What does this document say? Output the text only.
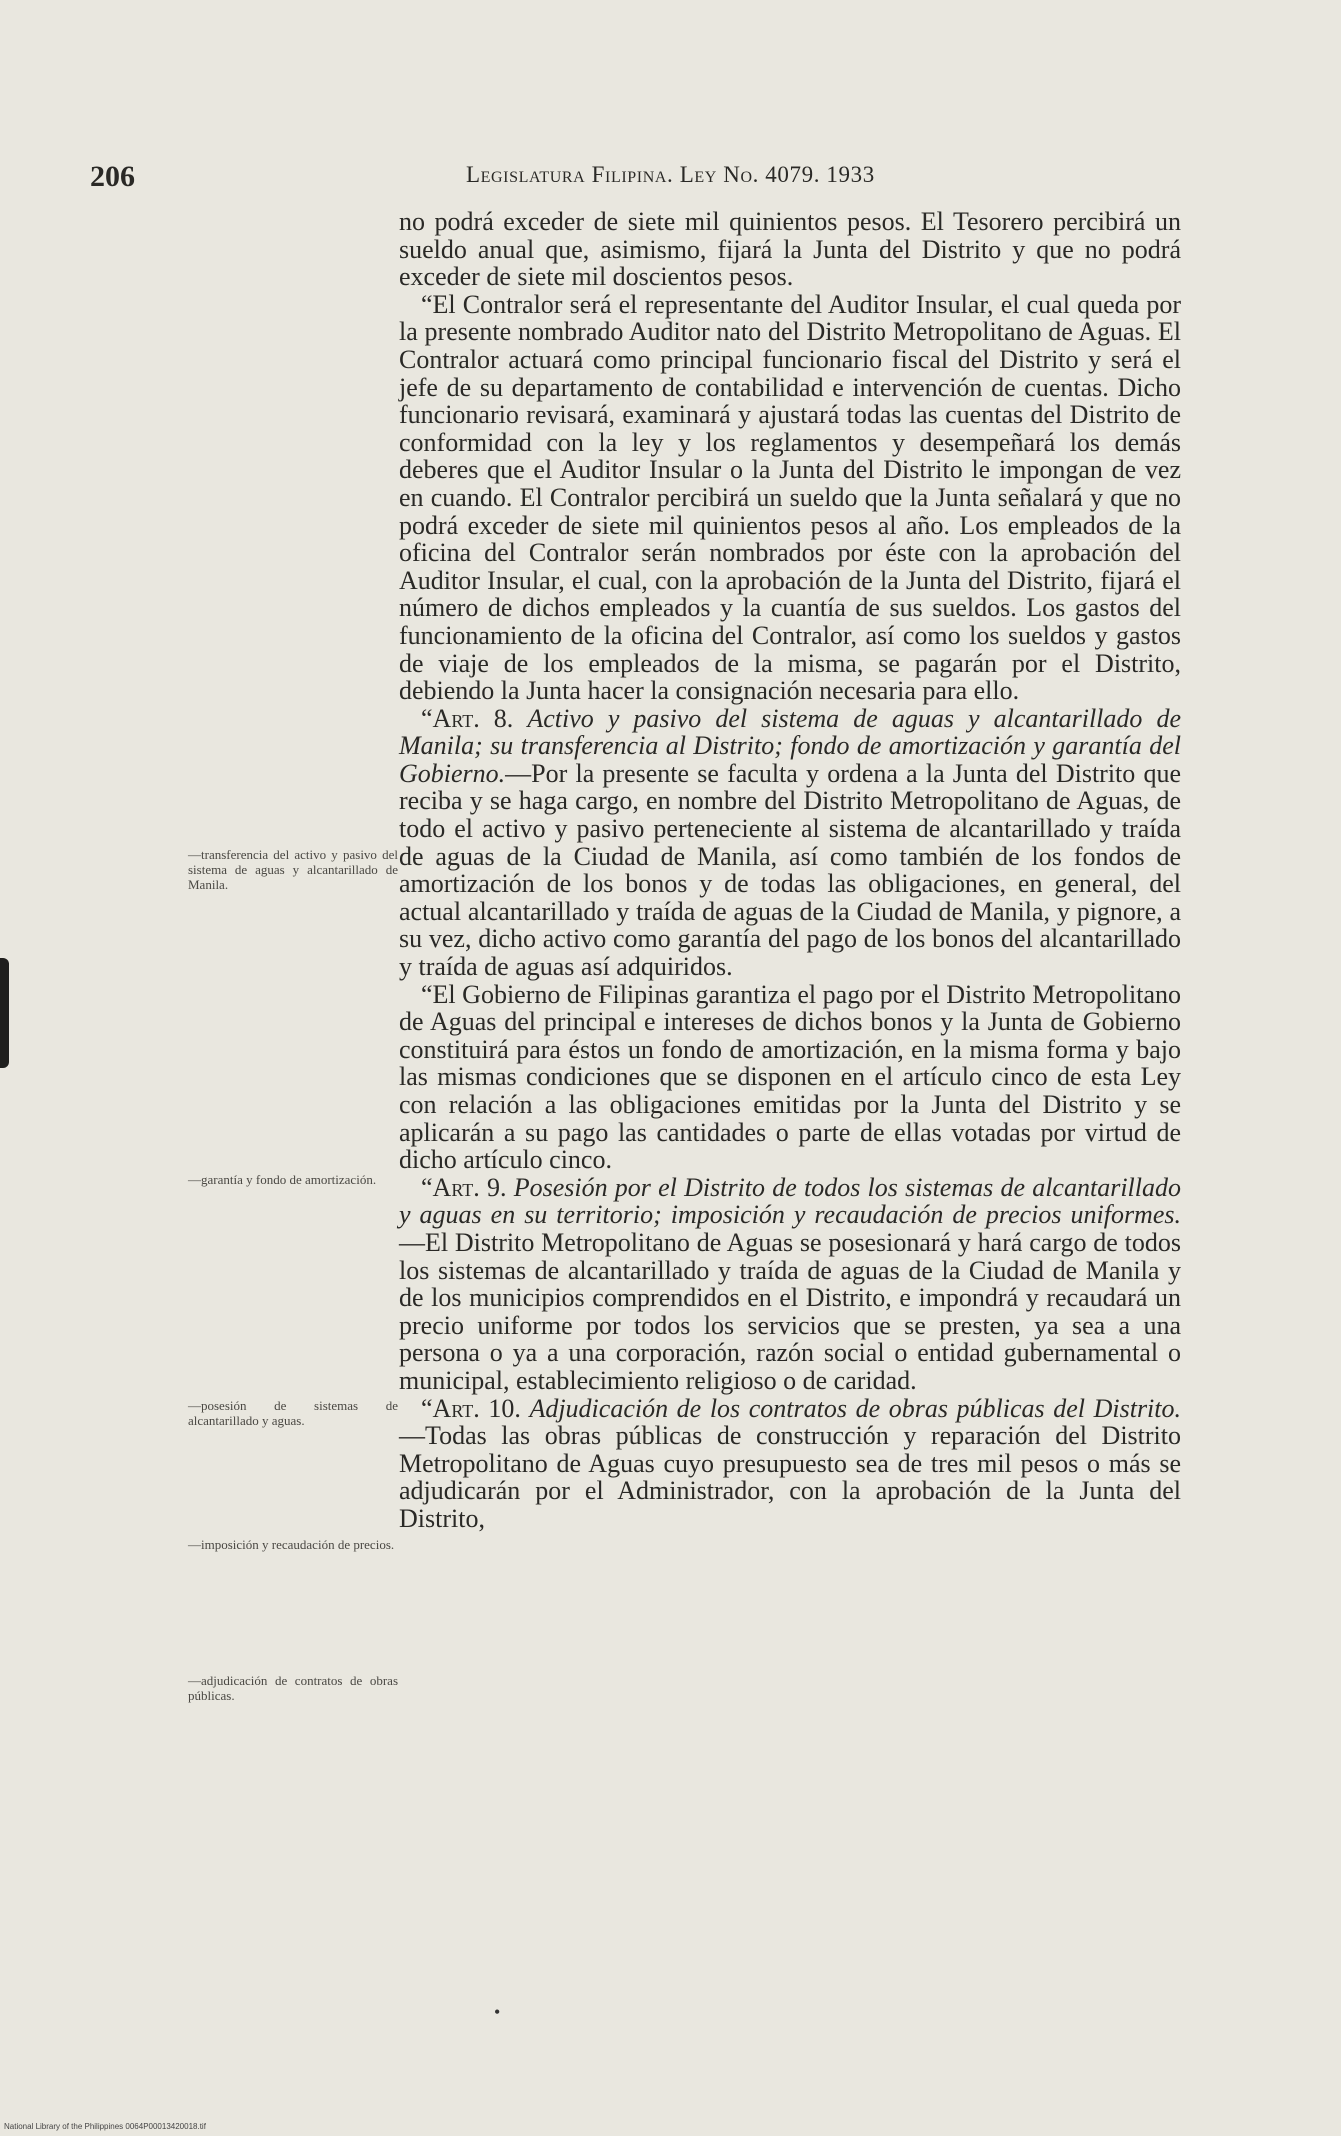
206	Legislatura Filipina. Ley No. 4079. 1933

no podrá exceder de siete mil quinientos pesos. El Tesorero percibirá un sueldo anual que, asimismo, fijará la Junta del Distrito y que no podrá exceder de siete mil doscientos pesos.

“El Contralor será el representante del Auditor Insular, el cual queda por la presente nombrado Auditor nato del Distrito Metropolitano de Aguas. El Contralor actuará como principal funcionario fiscal del Distrito y será el jefe de su departamento de contabilidad e intervención de cuentas. Dicho funcionario revisará, examinará y ajustará todas las cuentas del Distrito de conformidad con la ley y los reglamentos y desempeñará los demás deberes que el Auditor Insular o la Junta del Distrito le impongan de vez en cuando. El Contralor percibirá un sueldo que la Junta señalará y que no podrá exceder de siete mil quinientos pesos al año. Los empleados de la oficina del Contralor serán nombrados por éste con la aprobación del Auditor Insular, el cual, con la aprobación de la Junta del Distrito, fijará el número de dichos empleados y la cuantía de sus sueldos. Los gastos del funcionamiento de la oficina del Contralor, así como los sueldos y gastos de viaje de los empleados de la misma, se pagarán por el Distrito, debiendo la Junta hacer la consignación necesaria para ello.

“Art. 8. Activo y pasivo del sistema de aguas y alcantarillado de Manila; su transferencia al Distrito; fondo de amortización y garantía del Gobierno.—Por la presente se faculta y ordena a la Junta del Distrito que reciba y se haga cargo, en nombre del Distrito Metropolitano de Aguas, de todo el activo y pasivo perteneciente al sistema de alcantarillado y traída de aguas de la Ciudad de Manila, así como también de los fondos de amortización de los bonos y de todas las obligaciones, en general, del actual alcantarillado y traída de aguas de la Ciudad de Manila, y pignore, a su vez, dicho activo como garantía del pago de los bonos del alcantarillado y traída de aguas así adquiridos.

“El Gobierno de Filipinas garantiza el pago por el Distrito Metropolitano de Aguas del principal e intereses de dichos bonos y la Junta de Gobierno constituirá para éstos un fondo de amortización, en la misma forma y bajo las mismas condiciones que se disponen en el artículo cinco de esta Ley con relación a las obligaciones emitidas por la Junta del Distrito y se aplicarán a su pago las cantidades o parte de ellas votadas por virtud de dicho artículo cinco.

“Art. 9. Posesión por el Distrito de todos los sistemas de alcantarillado y aguas en su territorio; imposición y recaudación de precios uniformes.—El Distrito Metropolitano de Aguas se posesionará y hará cargo de todos los sistemas de alcantarillado y traída de aguas de la Ciudad de Manila y de los municipios comprendidos en el Distrito, e impondrá y recaudará un precio uniforme por todos los servicios que se presten, ya sea a una persona o ya a una corporación, razón social o entidad gubernamental o municipal, establecimiento religioso o de caridad.

“Art. 10. Adjudicación de los contratos de obras públicas del Distrito.—Todas las obras públicas de construcción y reparación del Distrito Metropolitano de Aguas cuyo presupuesto sea de tres mil pesos o más se adjudicarán por el Administrador, con la aprobación de la Junta del Distrito,

—transferencia del activo y pasivo del sistema de aguas y alcantarillado de Manila.
—garantía y fondo de amortización.
—posesión de sistemas de alcantarillado y aguas.
—imposición y recaudación de precios.
—adjudicación de contratos de obras públicas.
•
National Library of the Philippines 0064P00013420018.tif
